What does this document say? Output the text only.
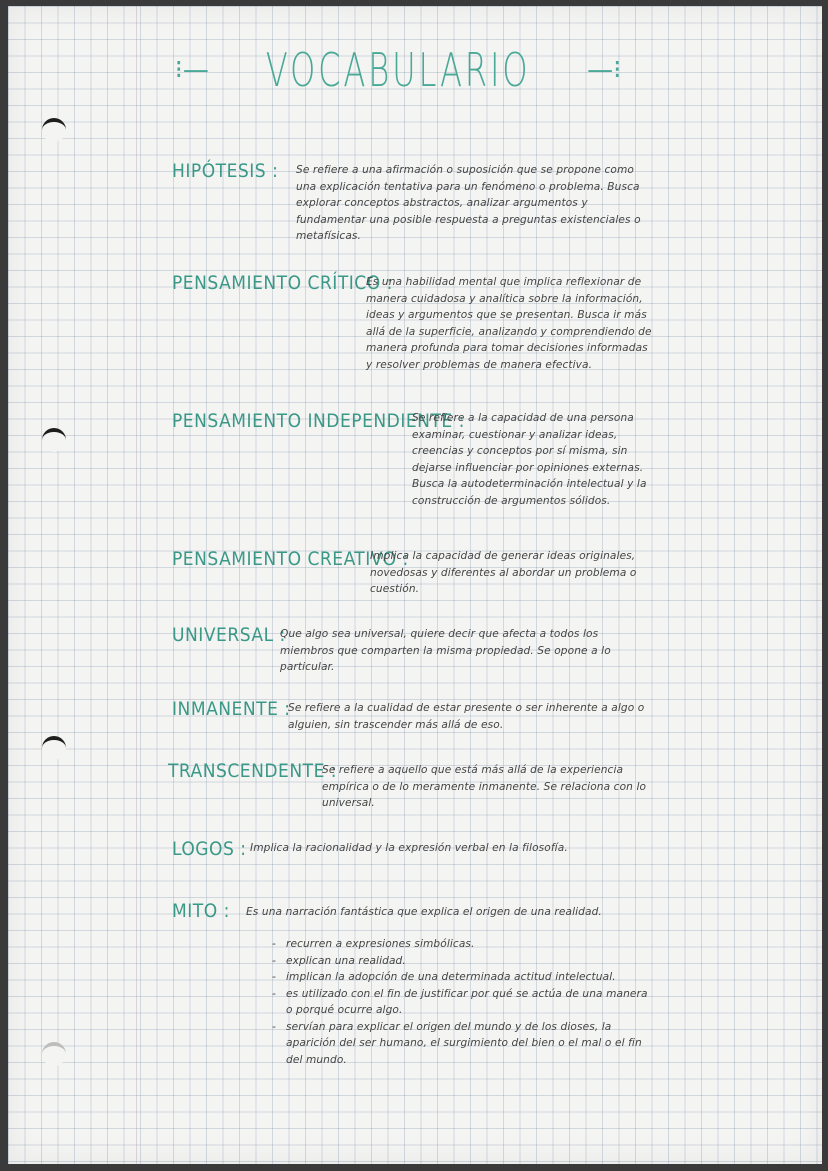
⁝— VOCABULARIO —⁝
HIPÓTESIS : Se refiere a una afirmación o suposición que se propone como una explicación tentativa para un fenómeno o problema. Busca explorar conceptos abstractos, analizar argumentos y fundamentar una posible respuesta a preguntas existenciales o metafísicas.
PENSAMIENTO CRÍTICO :
Es una habilidad mental que implica reflexionar de manera cuidadosa y analítica sobre la información, ideas y argumentos que se presentan. Busca ir más allá de la superficie, analizando y comprendiendo de manera profunda para tomar decisiones informadas y resolver problemas de manera efectiva.
PENSAMIENTO INDEPENDIENTE :
Se refiere a la capacidad de una persona examinar, cuestionar y analizar ideas, creencias y conceptos por sí misma, sin dejarse influenciar por opiniones externas. Busca la autodeterminación intelectual y la construcción de argumentos sólidos.
PENSAMIENTO CREATIVO :
Implica la capacidad de generar ideas originales, novedosas y diferentes al abordar un problema o cuestión.
UNIVERSAL :
Que algo sea universal, quiere decir que afecta a todos los miembros que comparten la misma propiedad. Se opone a lo particular.
INMANENTE :
Se refiere a la cualidad de estar presente o ser inherente a algo o alguien, sin trascender más allá de eso.
TRANSCENDENTE :
Se refiere a aquello que está más allá de la experiencia empírica o de lo meramente inmanente. Se relaciona con lo universal.
LOGOS : Implica la racionalidad y la expresión verbal en la filosofía.
MITO : Es una narración fantástica que explica el origen de una realidad.
- recurren a expresiones simbólicas.
- explican una realidad.
- implican la adopción de una determinada actitud intelectual.
- es utilizado con el fin de justificar por qué se actúa de una manera o porqué ocurre algo.
- servían para explicar el origen del mundo y de los dioses, la aparición del ser humano, el surgimiento del bien o el mal o el fin del mundo.
